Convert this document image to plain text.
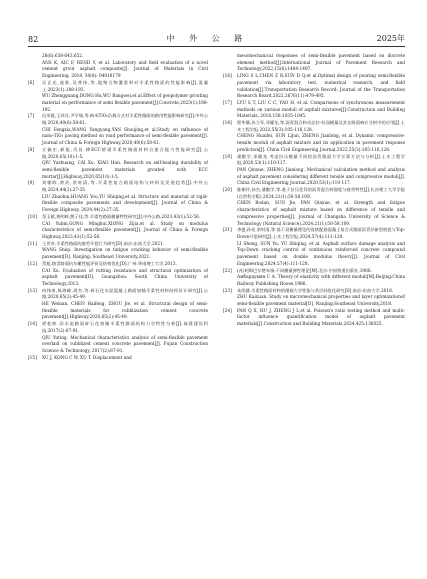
82	中 外 公 路	2025年
26(6):638-643,652.
ANS K, AIC F, REND Y, et al. Laboratory and field evaluation of a novel cement grout asphalt composite[J]. Journal of Materials in Civil Engineering, 2018, 30(8): 04018179
[6]	吴正光,庞淮,吴普伟,等.地聚合物灌浆料对半柔性路面的性能影响[J].混凝土,2023(1):188-192.
WU Zhengguang,DONG Hu,WU Bangwei,et al.Effect of geopolymer grouting material on performance of semi flexible pavement[J].Concrete,2023(1):188-192.
[7]	迟凤霞,王祥洋,尹学瑞,等.纳米TiO₂负载方式对半柔性路面的路用性能影响研究[J].中外公路,2020,40(6):58-61.
CHI Fengxia,WANG Yangyang,YAN Shoujing,et al.Study on influence of nano-TiO₂ paving method on road performance of semi-flexible pavement[J]. Journal of China & Foreign Highway,2020,40(6):58-61.
[8]	丘愉庄,郝旭,肖昌.掺ECC桥梁半柔性路面材料自愈合能力性能研究[J].公路,2020,65(10):1-5.
QIU Yuzhuang, CAI Xu, XIAO Han. Research on self-healing durability of semi-flexible pavement materials grouted with ECC mortar[J].Highway,2020,65(10):1-5.
[9]	刘朝晖,黄武,余时清,等.半柔性复合路面结构与材料及发展趋势[J].中外公路,2024,44(2):27-35.
LIU Zhaohui,HUANG You,YU Shiqing,et al. Structure and material of rigid-flexible composite pavements and development[J]. Journal of China & Foreign Highway, 2024,44(2):27-35.
[10]	蔡玉斌,黄明辉,熊子佳,等.半柔性路面模量特性研究[J].中外公路,2023,43(1):52-56.
CAI Yubin,GONG Minghui,XIONG Zijia,et al. Study on modulus characteristics of semi-flexible pavement[J]. Journal of China & Foreign Highway,2023,43(1):52-56.
[11]	王世奇.半柔性路面的疲劳开裂行为研究[D].南京:东南大学,2021.
WANG Shiqi. Investigation on fatigue cracking behavior of semi-flexible pavement[D]. Nanjing: Southeast University,2021.
[12]	蔡旭.路青路面抗车辙性能评价及结构优化[D].广州:华南理工大学,2013.
CAI Xu. Evaluation of rutting resistance and structural optimization of asphalt pavement[D]. Guangzhou: South China University of Technology,2013.
[13]	何伟南,陈海峰,周杰,等.碎石化水泥混凝土路面加铺半柔性材料结构设计研究[J].公路,2020,65(2):45-49.
HE Weinan, CHEN Haifeng, ZHOU Jie, et al. Structural design of semi-flexible materials for rubblization cement concrete pavement[J].Highway,2020,65(2):45-49.
[14]	裘松婷.旧水泥路面碎石化加铺半柔性路面结构力学特性分析[J].福建建设科技,2017(2):87-91.
QIU Yuting. Mechanical characteristics analysis of semi-flexible pavement overlaid on rubblized cement concrete pavement[J]. Fujian Construction Science & Technology, 2017(2):87-91.
[15]	XU J, KONG C W, XU T. Displacement and
mesomechanical responses of semi-flexible pavement based on discrete element method[J].International Journal of Pavement Research and Technology,2022,15(6):1484-1497.
[16]	LING S L,CHEN Z B,SUN D Q,et al.Optimal design of pouring semi-flexible pavement via laboratory test, numerical research, and field validation[J].Transportation Research Record: Journal of the Transportation Research Board,2022,2676(11):479-495.
[17]	LYU S T, LIU C C, YAO H, et al. Comparisons of synchronous measurement methods on various moduli of asphalt mixtures[J].Construction and Building Materials, 2018,158:1035-1045.
[18]	程华薇,孙立军,邓耀龙,等.沥青混合料动态拉-拉双模量及其在路面响应分析中的应用[J].土木工程学报,2022,55(3):105-116,128.
CHENG Huaifei, SUN Lijun, ZHENG Jianlong, et al. Dynamic compressive-tensile moduli of asphalt mixture and its application in pavement response prediction[J]. China Civil Engineering Journal,2022,55(3):105-116,128.
[19]	潘勤学,邓健龙.考虑拉压模量不同的沥青路面力学计算方法与分析[J].土木工程学报,2020,53(1):110-117.
PAN Qinxue, ZHENG Jianlong. Mechanical calculation method and analysis of asphalt pavement considering different tensile and compressive moduli[J]. China Civil Engineering Journal,2020,53(1):110-117.
[20]	陈彬玲,孙杰,潘勤学,等.基于拉压差异的沥青混合料强度与疲劳特性[J].长沙理工大学学报(自然科学版),2024,21(1):50-58,109.
CHEN Bodan, SUN Jie, PAN Qinxue, et al. Strength and fatigue characteristics of asphalt mixture based on difference of tensile and compressive properties[J]. Journal of Changsha University of Science & Technology (Natural Science),2024,21(1):50-58,109.
[21]	李盛,孙亮,余时清,等.基于双模量理论的连续配筋混凝土复合式路面沥青层新型底裂与Top-Down开裂研究[J].土木工程学报,2024,57(4):111-128.
LI Sheng, SUN Yu, YU Shiqing, et al. Asphalt surface damage analysis and Top-Down cracking control of continuous reinforced concrete compound pavement based on double modulus theory[J]. Journal of Civil Engineering,2024,57(4):111-128.
[22]	(苏)阿姆巴尔楚米扬.不同模量弹性理论[M].北京:中国铁道出版社,1986.
Амбарцумян С А. Theory of elasticity with different moduli[M].Beijing:China Railway Publishing House,1986.
[23]	朱凯健.半柔性路面材料的细观力学性能与其层间优化研究[D].南京:东南大学,2018.
ZHU Kaixuan. Study on micromechanical properties and layer optimizationof semi-flexible pavement material[D]. Nanjing:Southeast University,2018.
[24]	PAN Q X, HU J, ZHENG J L,et al. Poisson's ratio testing method and multi-factor influence quantification model of asphalt pavement materials[J].Construction and Building Materials,2024,425:136025.
